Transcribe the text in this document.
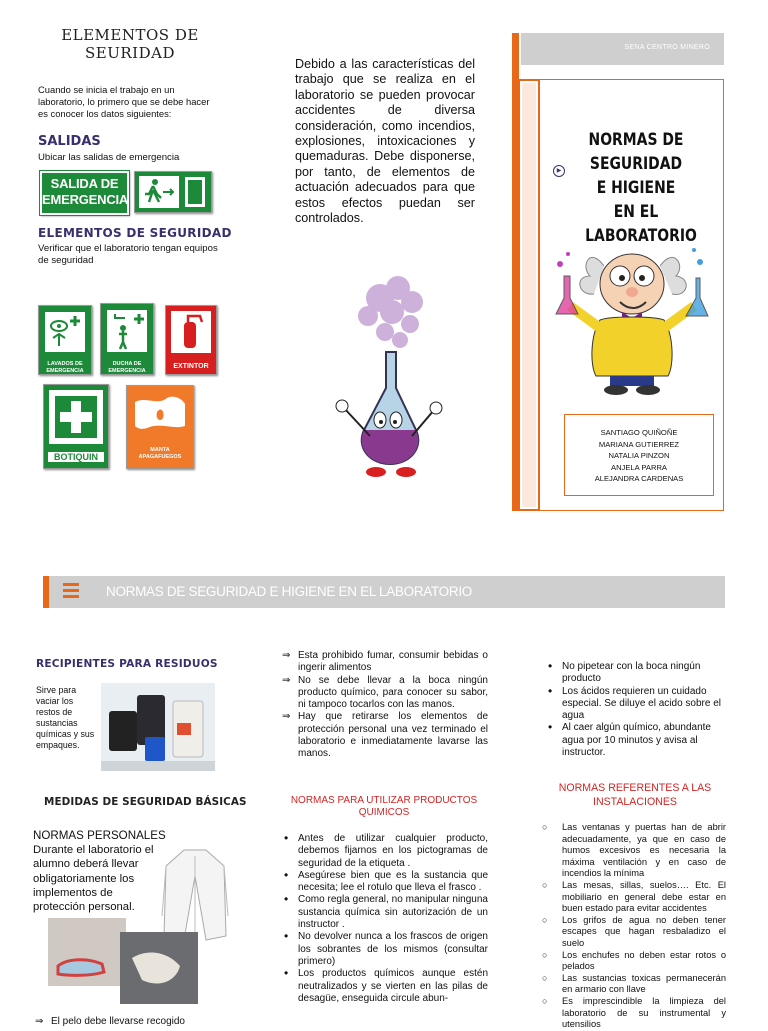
ELEMENTOS DE SEURIDAD

Cuando se inicia el trabajo en un laboratorio, lo primero que se debe hacer es conocer los datos siguientes:

SALIDAS

Ubicar las salidas de emergencia

SALIDA DE EMERGENCIA
ELEMENTOS DE SEGURIDAD

Verificar que el laboratorio tengan equipos de seguridad

LAVADOS DE EMERGENCIA
DUCHA DE EMERGENCIA
EXTINTOR
BOTIQUIN
MANTA APAGAFUEGOS

Debido a las características del trabajo que se realiza en el laboratorio se pueden provocar accidentes de diversa consideración, como incendios, explosiones, intoxicaciones y quemaduras. Debe disponerse, por tanto, de elementos de actuación adecuados para que estos efectos puedan ser controlados.

SENA CENTRO MINERO
▶
NORMAS DE SEGURIDAD E HIGIENE EN EL LABORATORIO
SANTIAGO QUIÑOÑE
MARIANA GUTIERREZ
NATALIA PINZON
ANJELA PARRA
ALEJANDRA CARDENAS
NORMAS DE SEGURIDAD E HIGIENE EN EL LABORATORIO
RECIPIENTES PARA RESIDUOS

Sirve para vaciar los restos de sustancias químicas y sus empaques.

MEDIDAS DE SEGURIDAD BÁSICAS
NORMAS PERSONALES

Durante el laboratorio el alumno deberá llevar obligatoriamente los implementos de protección personal.

⇒ El pelo debe llevarse recogido
⇒ Esta prohibido fumar, consumir bebidas o ingerir alimentos
⇒ No se debe llevar a la boca ningún producto químico, para conocer su sabor, ni tampoco tocarlos con las manos.
⇒ Hay que retirarse los elementos de protección personal una vez terminado el laboratorio e inmediatamente lavarse las manos.
NORMAS PARA UTILIZAR PRODUCTOS QUIMICOS
• Antes de utilizar cualquier producto, debemos fijarnos en los pictogramas de seguridad de la etiqueta .
• Asegúrese bien que es la sustancia que necesita; lee el rotulo que lleva el frasco .
• Como regla general, no manipular ninguna sustancia química sin autorización de un instructor .
• No devolver nunca a los frascos de origen los sobrantes de los mismos (consultar primero)
• Los productos químicos aunque estén neutralizados y se vierten en las pilas de desagüe, enseguida circule abun-
• No pipetear con la boca ningún producto
• Los ácidos requieren un cuidado especial. Se diluye el acido sobre el agua
• Al caer algún químico, abundante agua por 10 minutos y avisa al instructor.
NORMAS REFERENTES A LAS INSTALACIONES
○ Las ventanas y puertas han de abrir adecuadamente, ya que en caso de humos excesivos es necesaria la máxima ventilación y en caso de incendios la mínima
○ Las mesas, sillas, suelos…. Etc. El mobiliario en general debe estar en buen estado para evitar accidentes
○ Los grifos de agua no deben tener escapes que hagan resbaladizo el suelo
○ Los enchufes no deben estar rotos o pelados
○ Las sustancias toxicas permanecerán en armario con llave
○ Es imprescindible la limpieza del laboratorio de su instrumental y utensilios
